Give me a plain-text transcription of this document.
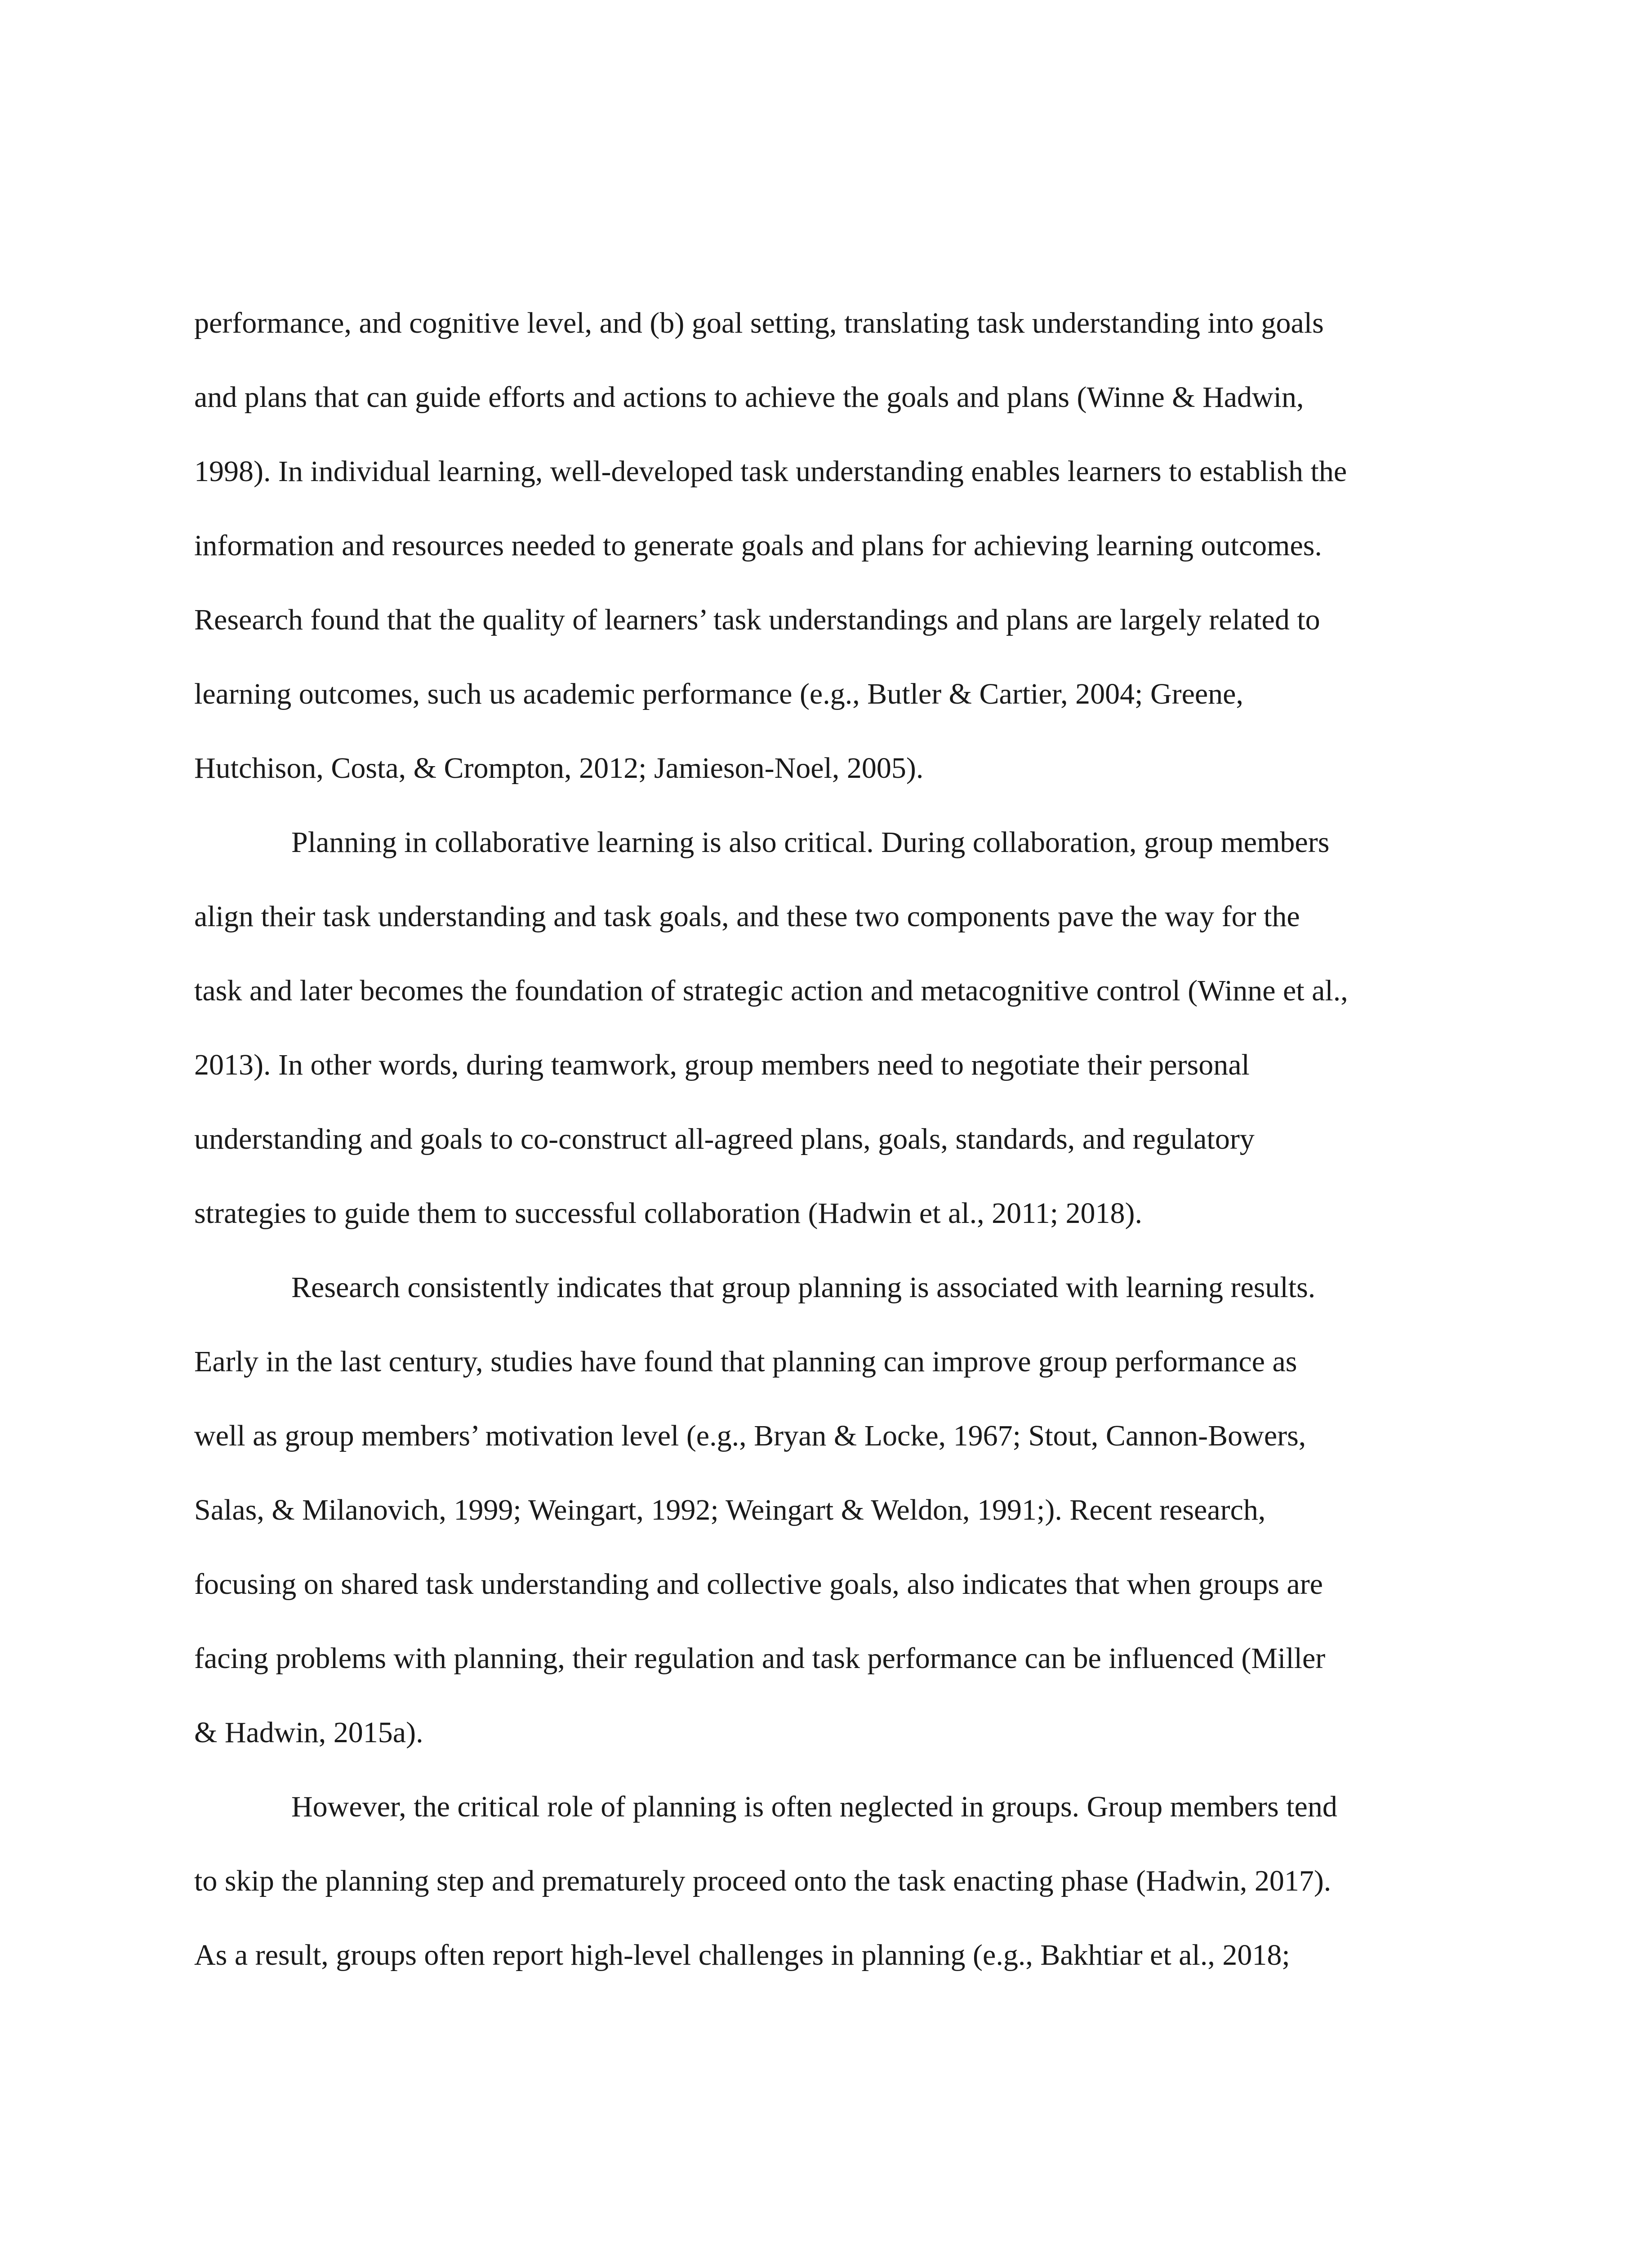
performance, and cognitive level, and (b) goal setting, translating task understanding into goals
and plans that can guide efforts and actions to achieve the goals and plans (Winne & Hadwin,
1998). In individual learning, well-developed task understanding enables learners to establish the
information and resources needed to generate goals and plans for achieving learning outcomes.
Research found that the quality of learners’ task understandings and plans are largely related to
learning outcomes, such us academic performance (e.g., Butler & Cartier, 2004; Greene,
Hutchison, Costa, & Crompton, 2012; Jamieson-Noel, 2005).
Planning in collaborative learning is also critical. During collaboration, group members
align their task understanding and task goals, and these two components pave the way for the
task and later becomes the foundation of strategic action and metacognitive control (Winne et al.,
2013). In other words, during teamwork, group members need to negotiate their personal
understanding and goals to co-construct all-agreed plans, goals, standards, and regulatory
strategies to guide them to successful collaboration (Hadwin et al., 2011; 2018).
Research consistently indicates that group planning is associated with learning results.
Early in the last century, studies have found that planning can improve group performance as
well as group members’ motivation level (e.g., Bryan & Locke, 1967; Stout, Cannon-Bowers,
Salas, & Milanovich, 1999; Weingart, 1992; Weingart & Weldon, 1991;). Recent research,
focusing on shared task understanding and collective goals, also indicates that when groups are
facing problems with planning, their regulation and task performance can be influenced (Miller
& Hadwin, 2015a).
However, the critical role of planning is often neglected in groups. Group members tend
to skip the planning step and prematurely proceed onto the task enacting phase (Hadwin, 2017).
As a result, groups often report high-level challenges in planning (e.g., Bakhtiar et al., 2018;
